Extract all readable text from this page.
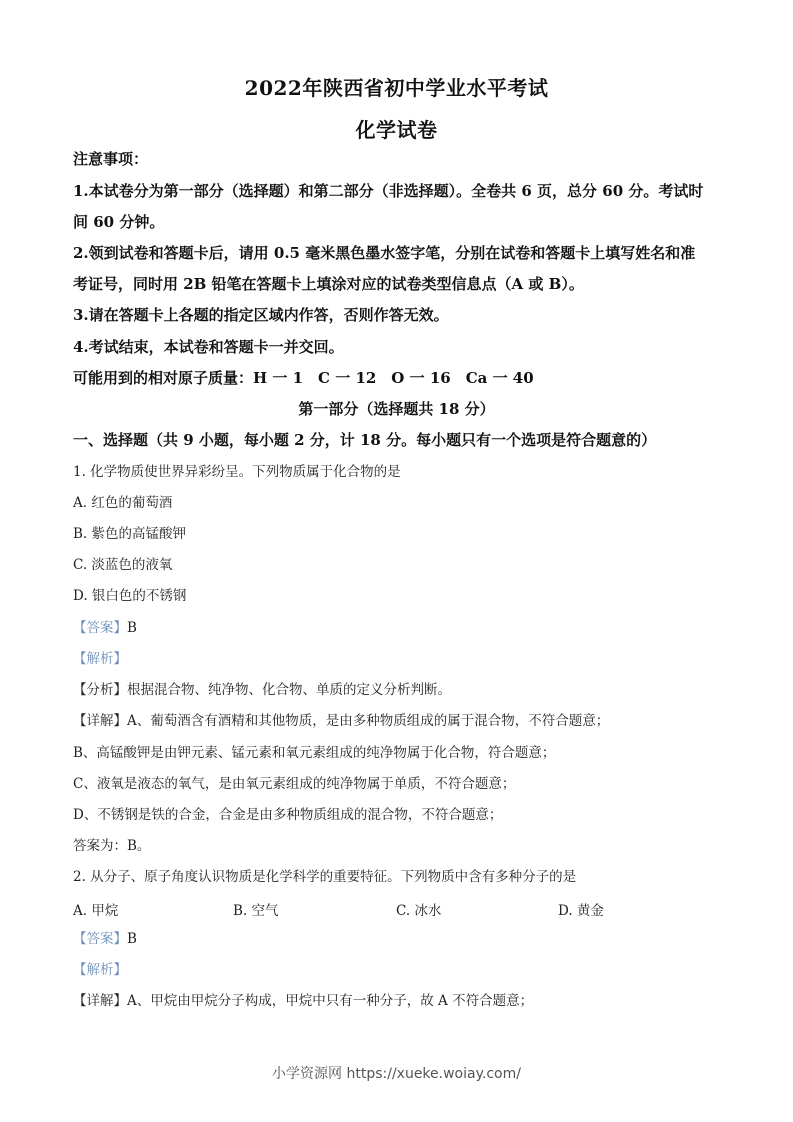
2022年陕西省初中学业水平考试
化学试卷
注意事项：
1.本试卷分为第一部分（选择题）和第二部分（非选择题）。全卷共 6 页，总分 60 分。考试时
间 60 分钟。
2.领到试卷和答题卡后，请用 0.5 毫米黑色墨水签字笔，分别在试卷和答题卡上填写姓名和准
考证号，同时用 2B 铅笔在答题卡上填涂对应的试卷类型信息点（A 或 B）。
3.请在答题卡上各题的指定区域内作答，否则作答无效。
4.考试结束，本试卷和答题卡一并交回。
可能用到的相对原子质量：H 一 1　C 一 12　O 一 16　Ca 一 40
第一部分（选择题共 18 分）
一、选择题（共 9 小题，每小题 2 分，计 18 分。每小题只有一个选项是符合题意的）
1. 化学物质使世界异彩纷呈。下列物质属于化合物的是
A. 红色的葡萄酒
B. 紫色的高锰酸钾
C. 淡蓝色的液氧
D. 银白色的不锈钢
【答案】B
【解析】
【分析】根据混合物、纯净物、化合物、单质的定义分析判断。
【详解】A、葡萄酒含有酒精和其他物质，是由多种物质组成的属于混合物，不符合题意；
B、高锰酸钾是由钾元素、锰元素和氧元素组成的纯净物属于化合物，符合题意；
C、液氧是液态的氧气，是由氧元素组成的纯净物属于单质，不符合题意；
D、不锈钢是铁的合金，合金是由多种物质组成的混合物，不符合题意；
答案为：B。
2. 从分子、原子角度认识物质是化学科学的重要特征。下列物质中含有多种分子的是
A. 甲烷	B. 空气	C. 冰水	D. 黄金
【答案】B
【解析】
【详解】A、甲烷由甲烷分子构成，甲烷中只有一种分子，故 A 不符合题意；
小学资源网 https://xueke.woiay.com/
